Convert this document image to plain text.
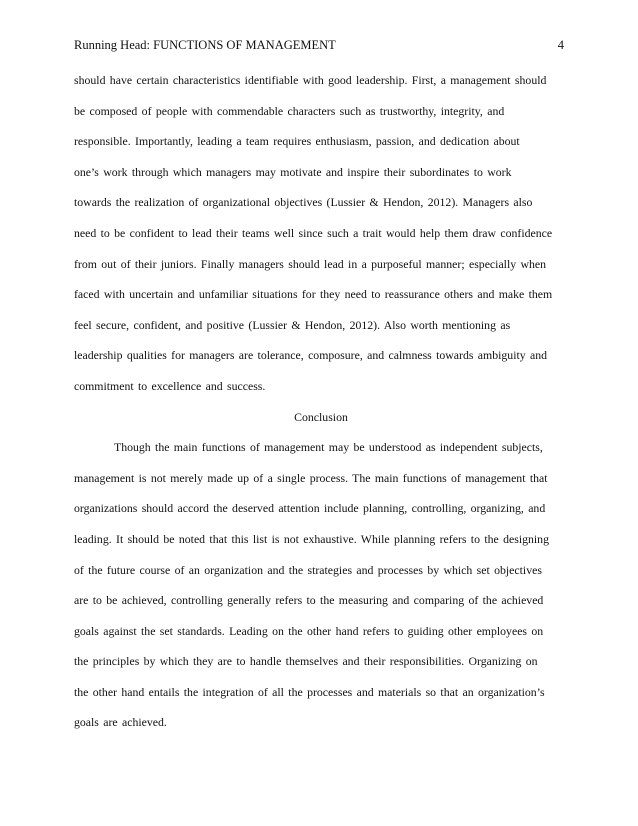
Running Head: FUNCTIONS OF MANAGEMENT	4
should have certain characteristics identifiable with good leadership. First, a management should
be composed of people with commendable characters such as trustworthy, integrity, and
responsible. Importantly, leading a team requires enthusiasm, passion, and dedication about
one’s work through which managers may motivate and inspire their subordinates to work
towards the realization of organizational objectives (Lussier & Hendon, 2012). Managers also
need to be confident to lead their teams well since such a trait would help them draw confidence
from out of their juniors. Finally managers should lead in a purposeful manner; especially when
faced with uncertain and unfamiliar situations for they need to reassurance others and make them
feel secure, confident, and positive (Lussier & Hendon, 2012). Also worth mentioning as
leadership qualities for managers are tolerance, composure, and calmness towards ambiguity and
commitment to excellence and success.
Conclusion
Though the main functions of management may be understood as independent subjects,
management is not merely made up of a single process. The main functions of management that
organizations should accord the deserved attention include planning, controlling, organizing, and
leading. It should be noted that this list is not exhaustive. While planning refers to the designing
of the future course of an organization and the strategies and processes by which set objectives
are to be achieved, controlling generally refers to the measuring and comparing of the achieved
goals against the set standards. Leading on the other hand refers to guiding other employees on
the principles by which they are to handle themselves and their responsibilities. Organizing on
the other hand entails the integration of all the processes and materials so that an organization’s
goals are achieved.
